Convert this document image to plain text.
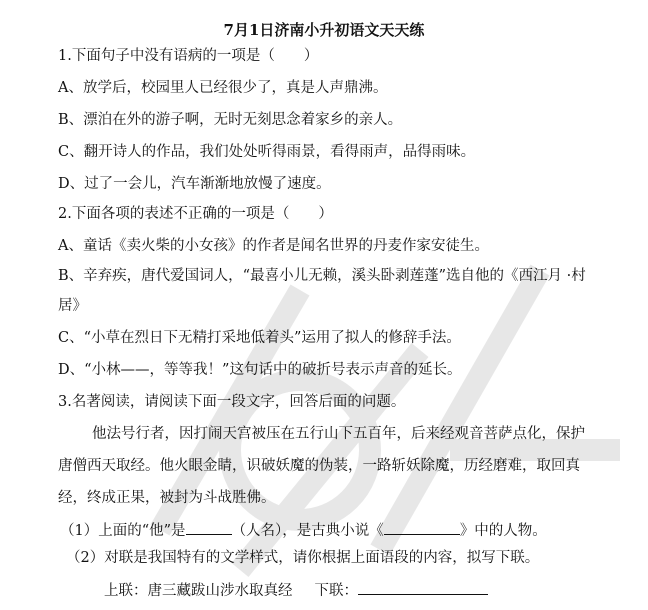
7月1日济南小升初语文天天练
1.下面句子中没有语病的一项是（　　）
A、放学后，校园里人已经很少了，真是人声鼎沸。
B、漂泊在外的游子啊，无时无刻思念着家乡的亲人。
C、翻开诗人的作品，我们处处听得雨景，看得雨声，品得雨味。
D、过了一会儿，汽车渐渐地放慢了速度。
2.下面各项的表述不正确的一项是（　　）
A、童话《卖火柴的小女孩》的作者是闻名世界的丹麦作家安徒生。
B、辛弃疾，唐代爱国词人，“最喜小儿无赖，溪头卧剥莲蓬”选自他的《西江月 ·村
居》
C、“小草在烈日下无精打采地低着头”运用了拟人的修辞手法。
D、“小林——，等等我！”这句话中的破折号表示声音的延长。
3.名著阅读，请阅读下面一段文字，回答后面的问题。
他法号行者，因打闹天宫被压在五行山下五百年，后来经观音菩萨点化，保护
唐僧西天取经。他火眼金睛，识破妖魔的伪装，一路斩妖除魔，历经磨难，取回真
经，终成正果，被封为斗战胜佛。
（1）上面的“他”是	（人名），是古典小说《	》中的人物。
（2）对联是我国特有的文学样式，请你根据上面语段的内容，拟写下联。
上联：唐三藏跋山涉水取真经 下联：
